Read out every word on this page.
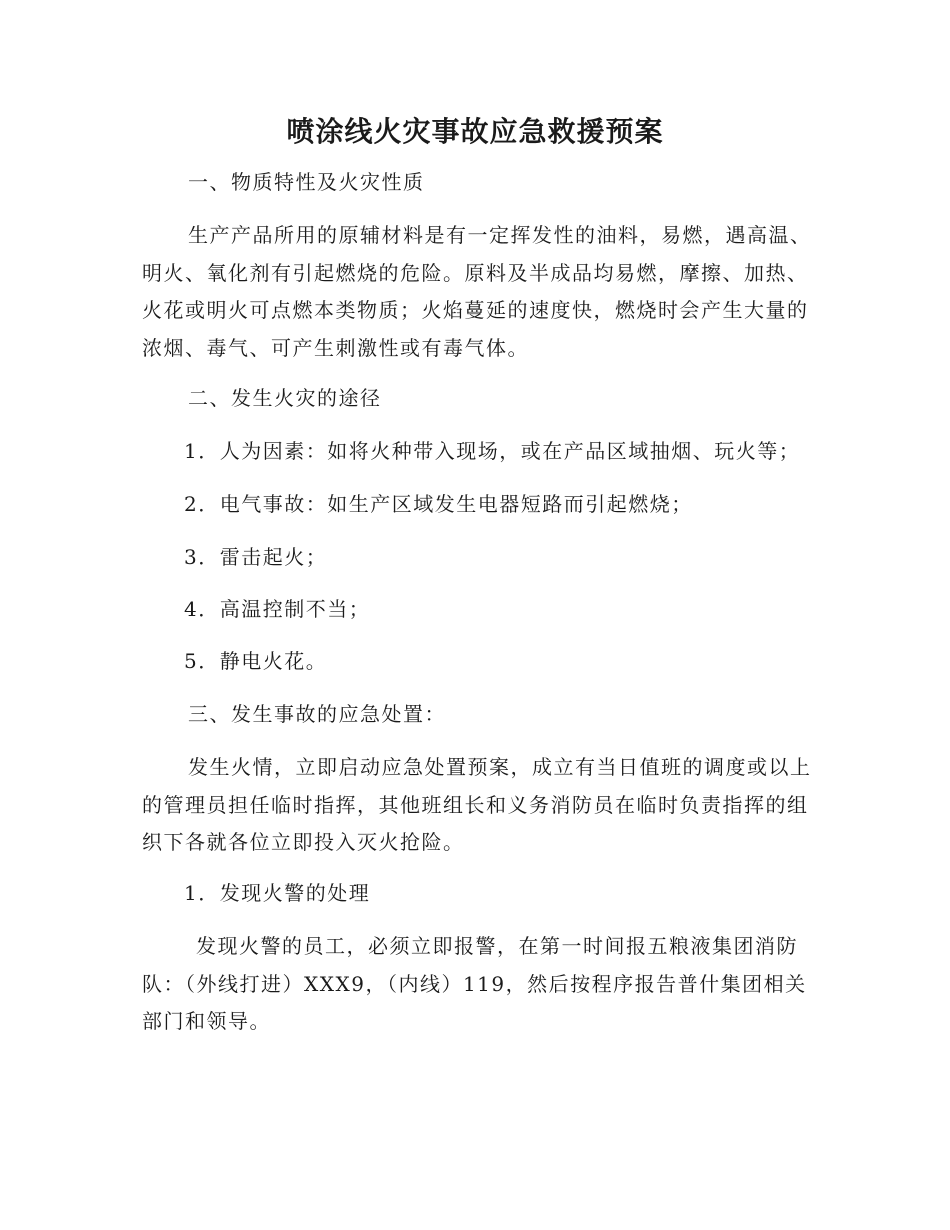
喷涂线火灾事故应急救援预案
一、物质特性及火灾性质
生产产品所用的原辅材料是有一定挥发性的油料，易燃，遇高温、明火、氧化剂有引起燃烧的危险。原料及半成品均易燃，摩擦、加热、火花或明火可点燃本类物质；火焰蔓延的速度快，燃烧时会产生大量的浓烟、毒气、可产生刺激性或有毒气体。
二、发生火灾的途径
1．人为因素：如将火种带入现场，或在产品区域抽烟、玩火等；
2．电气事故：如生产区域发生电器短路而引起燃烧；
3．雷击起火；
4．高温控制不当；
5．静电火花。
三、发生事故的应急处置：
发生火情，立即启动应急处置预案，成立有当日值班的调度或以上的管理员担任临时指挥，其他班组长和义务消防员在临时负责指挥的组织下各就各位立即投入灭火抢险。
1．发现火警的处理
发现火警的员工，必须立即报警，在第一时间报五粮液集团消防队：（外线打进）XXX9，（内线）119，然后按程序报告普什集团相关部门和领导。
